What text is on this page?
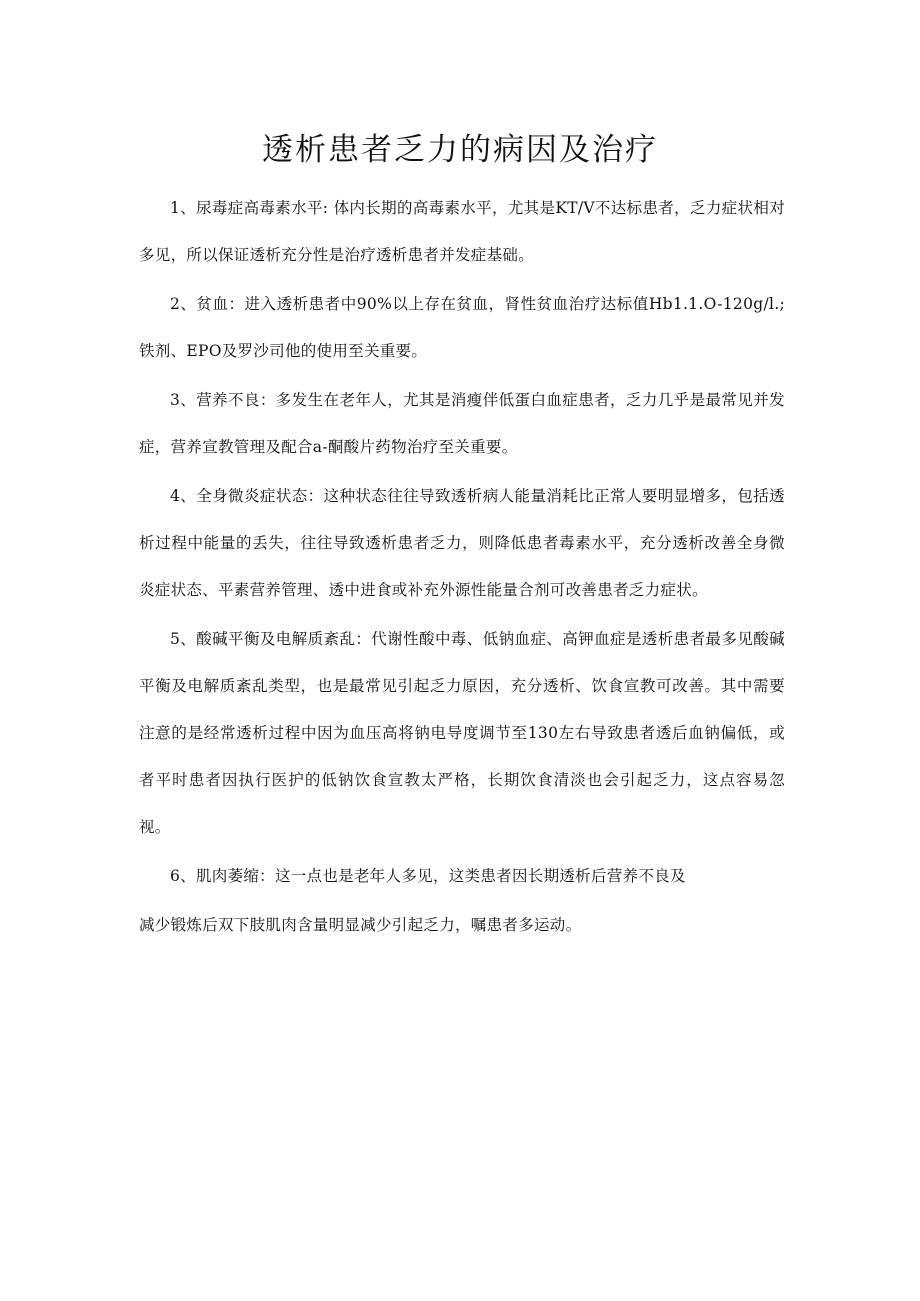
透析患者乏力的病因及治疗

1、尿毒症高毒素水平: 体内长期的高毒素水平，尤其是KT/V不达标患者，乏力症状相对多见，所以保证透析充分性是治疗透析患者并发症基础。

2、贫血：进入透析患者中90%以上存在贫血，肾性贫血治疗达标值Hb1.1.O-120g/l.;铁剂、EPO及罗沙司他的使用至关重要。

3、营养不良：多发生在老年人，尤其是消瘦伴低蛋白血症患者，乏力几乎是最常见并发症，营养宣教管理及配合a-酮酸片药物治疗至关重要。

4、全身微炎症状态：这种状态往往导致透析病人能量消耗比正常人要明显增多，包括透析过程中能量的丢失，往往导致透析患者乏力，则降低患者毒素水平，充分透析改善全身微炎症状态、平素营养管理、透中进食或补充外源性能量合剂可改善患者乏力症状。

5、酸碱平衡及电解质紊乱：代谢性酸中毒、低钠血症、高钾血症是透析患者最多见酸碱平衡及电解质紊乱类型，也是最常见引起乏力原因，充分透析、饮食宣教可改善。其中需要注意的是经常透析过程中因为血压高将钠电导度调节至130左右导致患者透后血钠偏低，或者平时患者因执行医护的低钠饮食宣教太严格，长期饮食清淡也会引起乏力，这点容易忽视。

6、肌肉萎缩：这一点也是老年人多见，这类患者因长期透析后营养不良及

减少锻炼后双下肢肌肉含量明显减少引起乏力，嘱患者多运动。
